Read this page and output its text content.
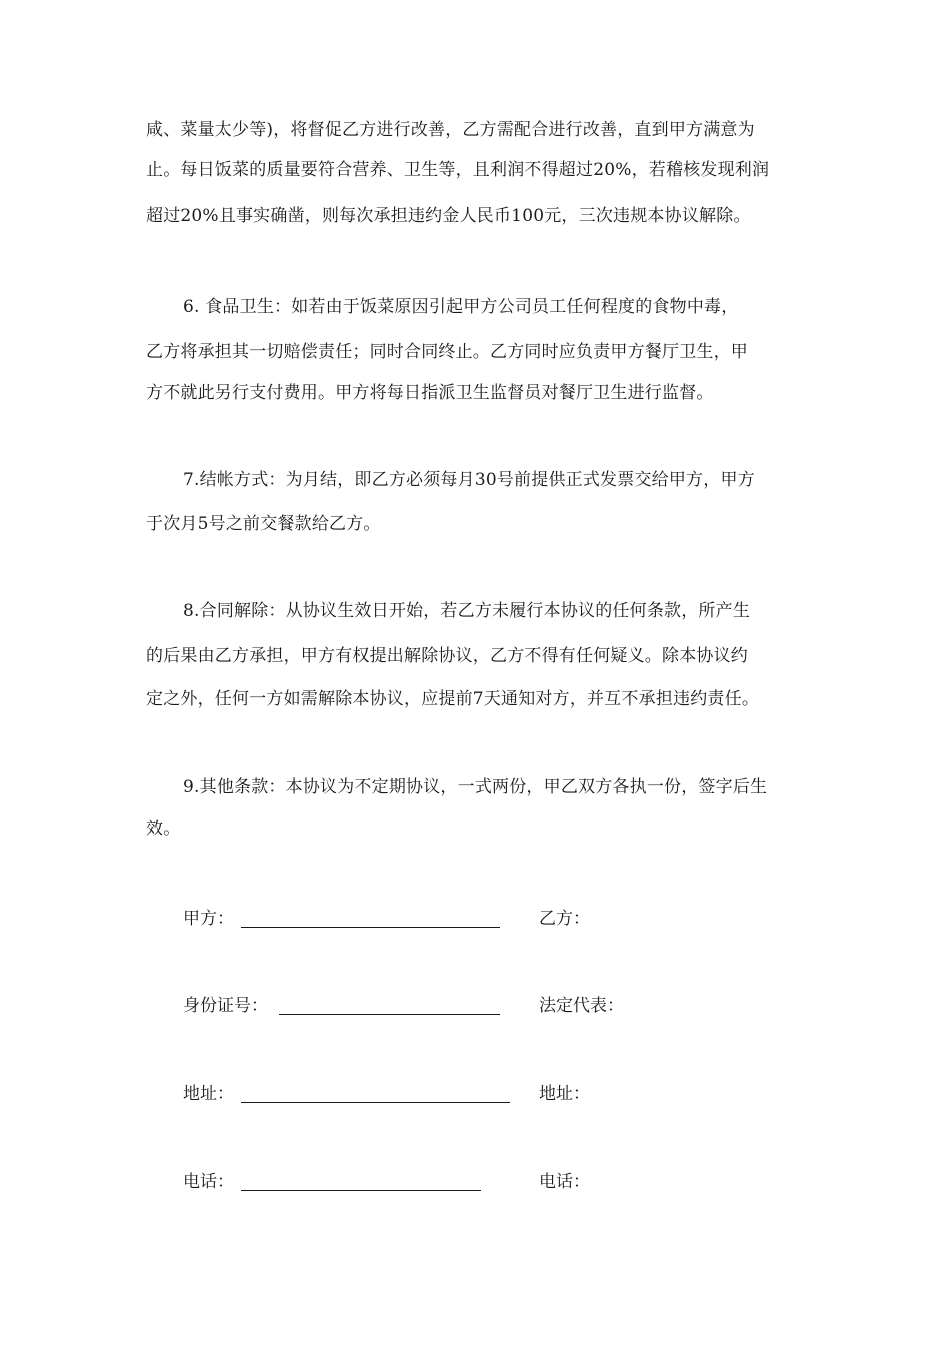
咸、菜量太少等)，将督促乙方进行改善，乙方需配合进行改善，直到甲方满意为
止。每日饭菜的质量要符合营养、卫生等，且利润不得超过20%，若稽核发现利润
超过20%且事实确凿，则每次承担违约金人民币100元，三次违规本协议解除。
6. 食品卫生：如若由于饭菜原因引起甲方公司员工任何程度的食物中毒，
乙方将承担其一切赔偿责任；同时合同终止。乙方同时应负责甲方餐厅卫生，甲
方不就此另行支付费用。甲方将每日指派卫生监督员对餐厅卫生进行监督。
7.结帐方式：为月结，即乙方必须每月30号前提供正式发票交给甲方，甲方
于次月5号之前交餐款给乙方。
8.合同解除：从协议生效日开始，若乙方未履行本协议的任何条款，所产生
的后果由乙方承担，甲方有权提出解除协议，乙方不得有任何疑义。除本协议约
定之外，任何一方如需解除本协议，应提前7天通知对方，并互不承担违约责任。
9.其他条款：本协议为不定期协议，一式两份，甲乙双方各执一份，签字后生
效。
甲方：	乙方：
身份证号：	法定代表：
地址：	地址：
电话：	电话：
